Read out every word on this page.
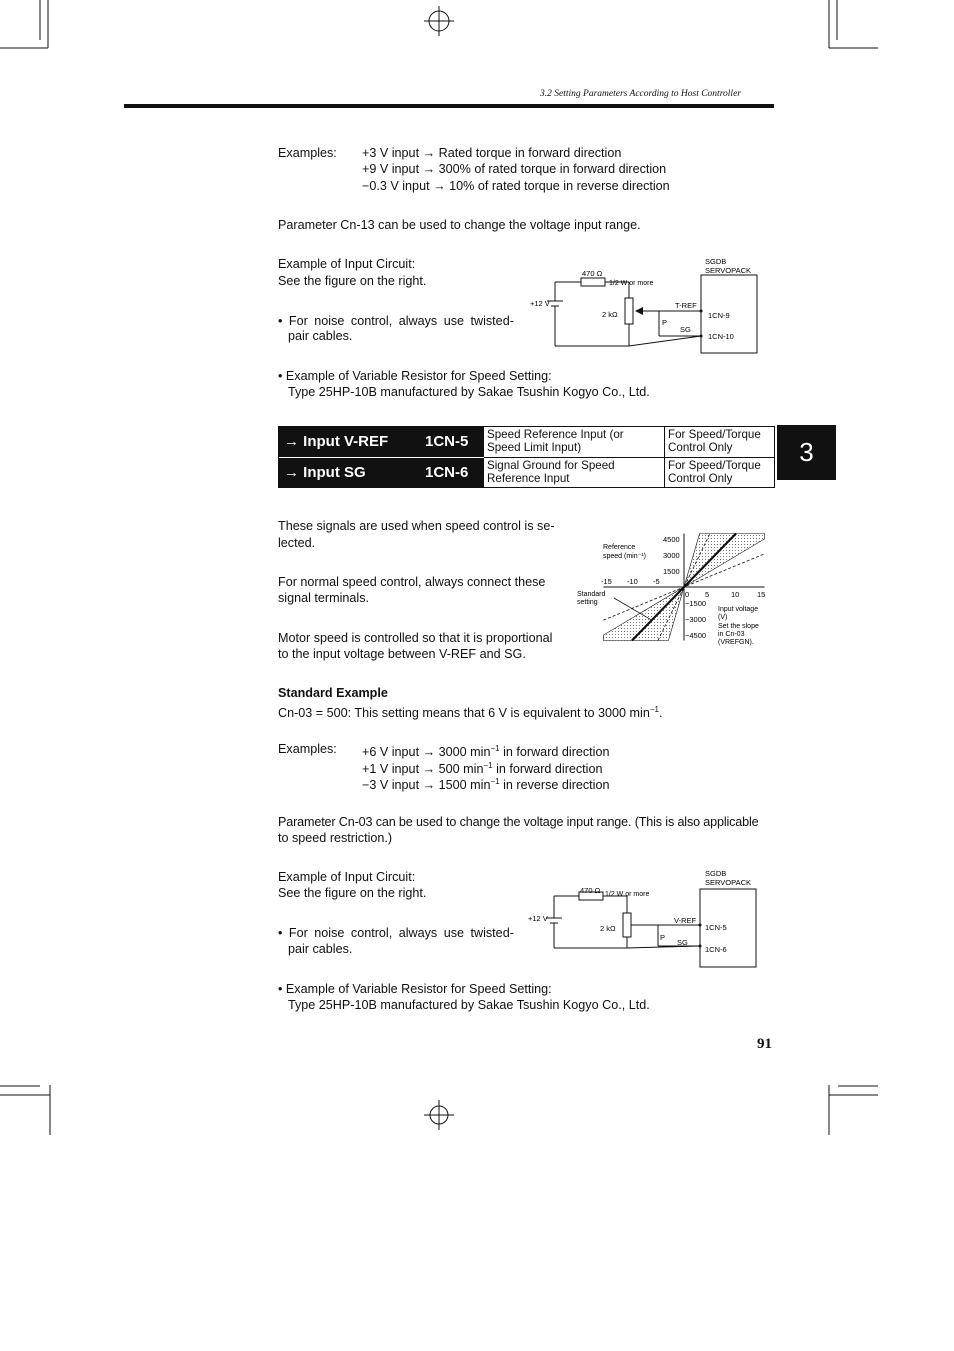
3.2 Setting Parameters According to Host Controller
Examples: +3 V input → Rated torque in forward direction
+9 V input → 300% of rated torque in forward direction
−0.3 V input → 10% of rated torque in reverse direction
Parameter Cn-13 can be used to change the voltage input range.
Example of Input Circuit:
See the figure on the right.
• For noise control, always use twisted-
pair cables.
• Example of Variable Resistor for Speed Setting:
Type 25HP-10B manufactured by Sakae Tsushin Kogyo Co., Ltd.
SGDB
SERVOPACK
470 Ω
1/2 W or more
+12 V
2 kΩ
P
T-REF
SG
1CN-9
1CN-10
3
→ Input V-REF 1CN-5 Speed Reference Input (or
Speed Limit Input)
For Speed/Torque
Control Only
→ Input SG	1CN-6 Signal Ground for Speed
Reference Input
For Speed/Torque
Control Only
These signals are used when speed control is se-
lected.
For normal speed control, always connect these
signal terminals.
Motor speed is controlled so that it is proportional
to the input voltage between V-REF and SG.
-15 -10 -5
0 5	10 15
4500
3000
1500
−1500
−3000
−4500
Reference
speed (min⁻¹)
Input voltage
(V)
Set the slope
in Cn-03
(VREFGN).
Standard
setting
Standard Example
Cn-03 = 500: This setting means that 6 V is equivalent to 3000 $\min^{-1}$.
Examples: +6 V input → 3000 $\min^{-1}$ in forward direction
+1 V input → 500 $\min^{-1}$ in forward direction
−3 V input → 1500 $\min^{-1}$ in reverse direction
Parameter Cn-03 can be used to change the voltage input range. (This is also applicable
to speed restriction.)
Example of Input Circuit:
See the figure on the right.
• For noise control, always use twisted-
pair cables.
• Example of Variable Resistor for Speed Setting:
Type 25HP-10B manufactured by Sakae Tsushin Kogyo Co., Ltd.
SGDB
SERVOPACK
470 Ω 1/2 W or more
+12 V
2 kΩ
P
V-REF
SG
1CN-5
1CN-6
91
